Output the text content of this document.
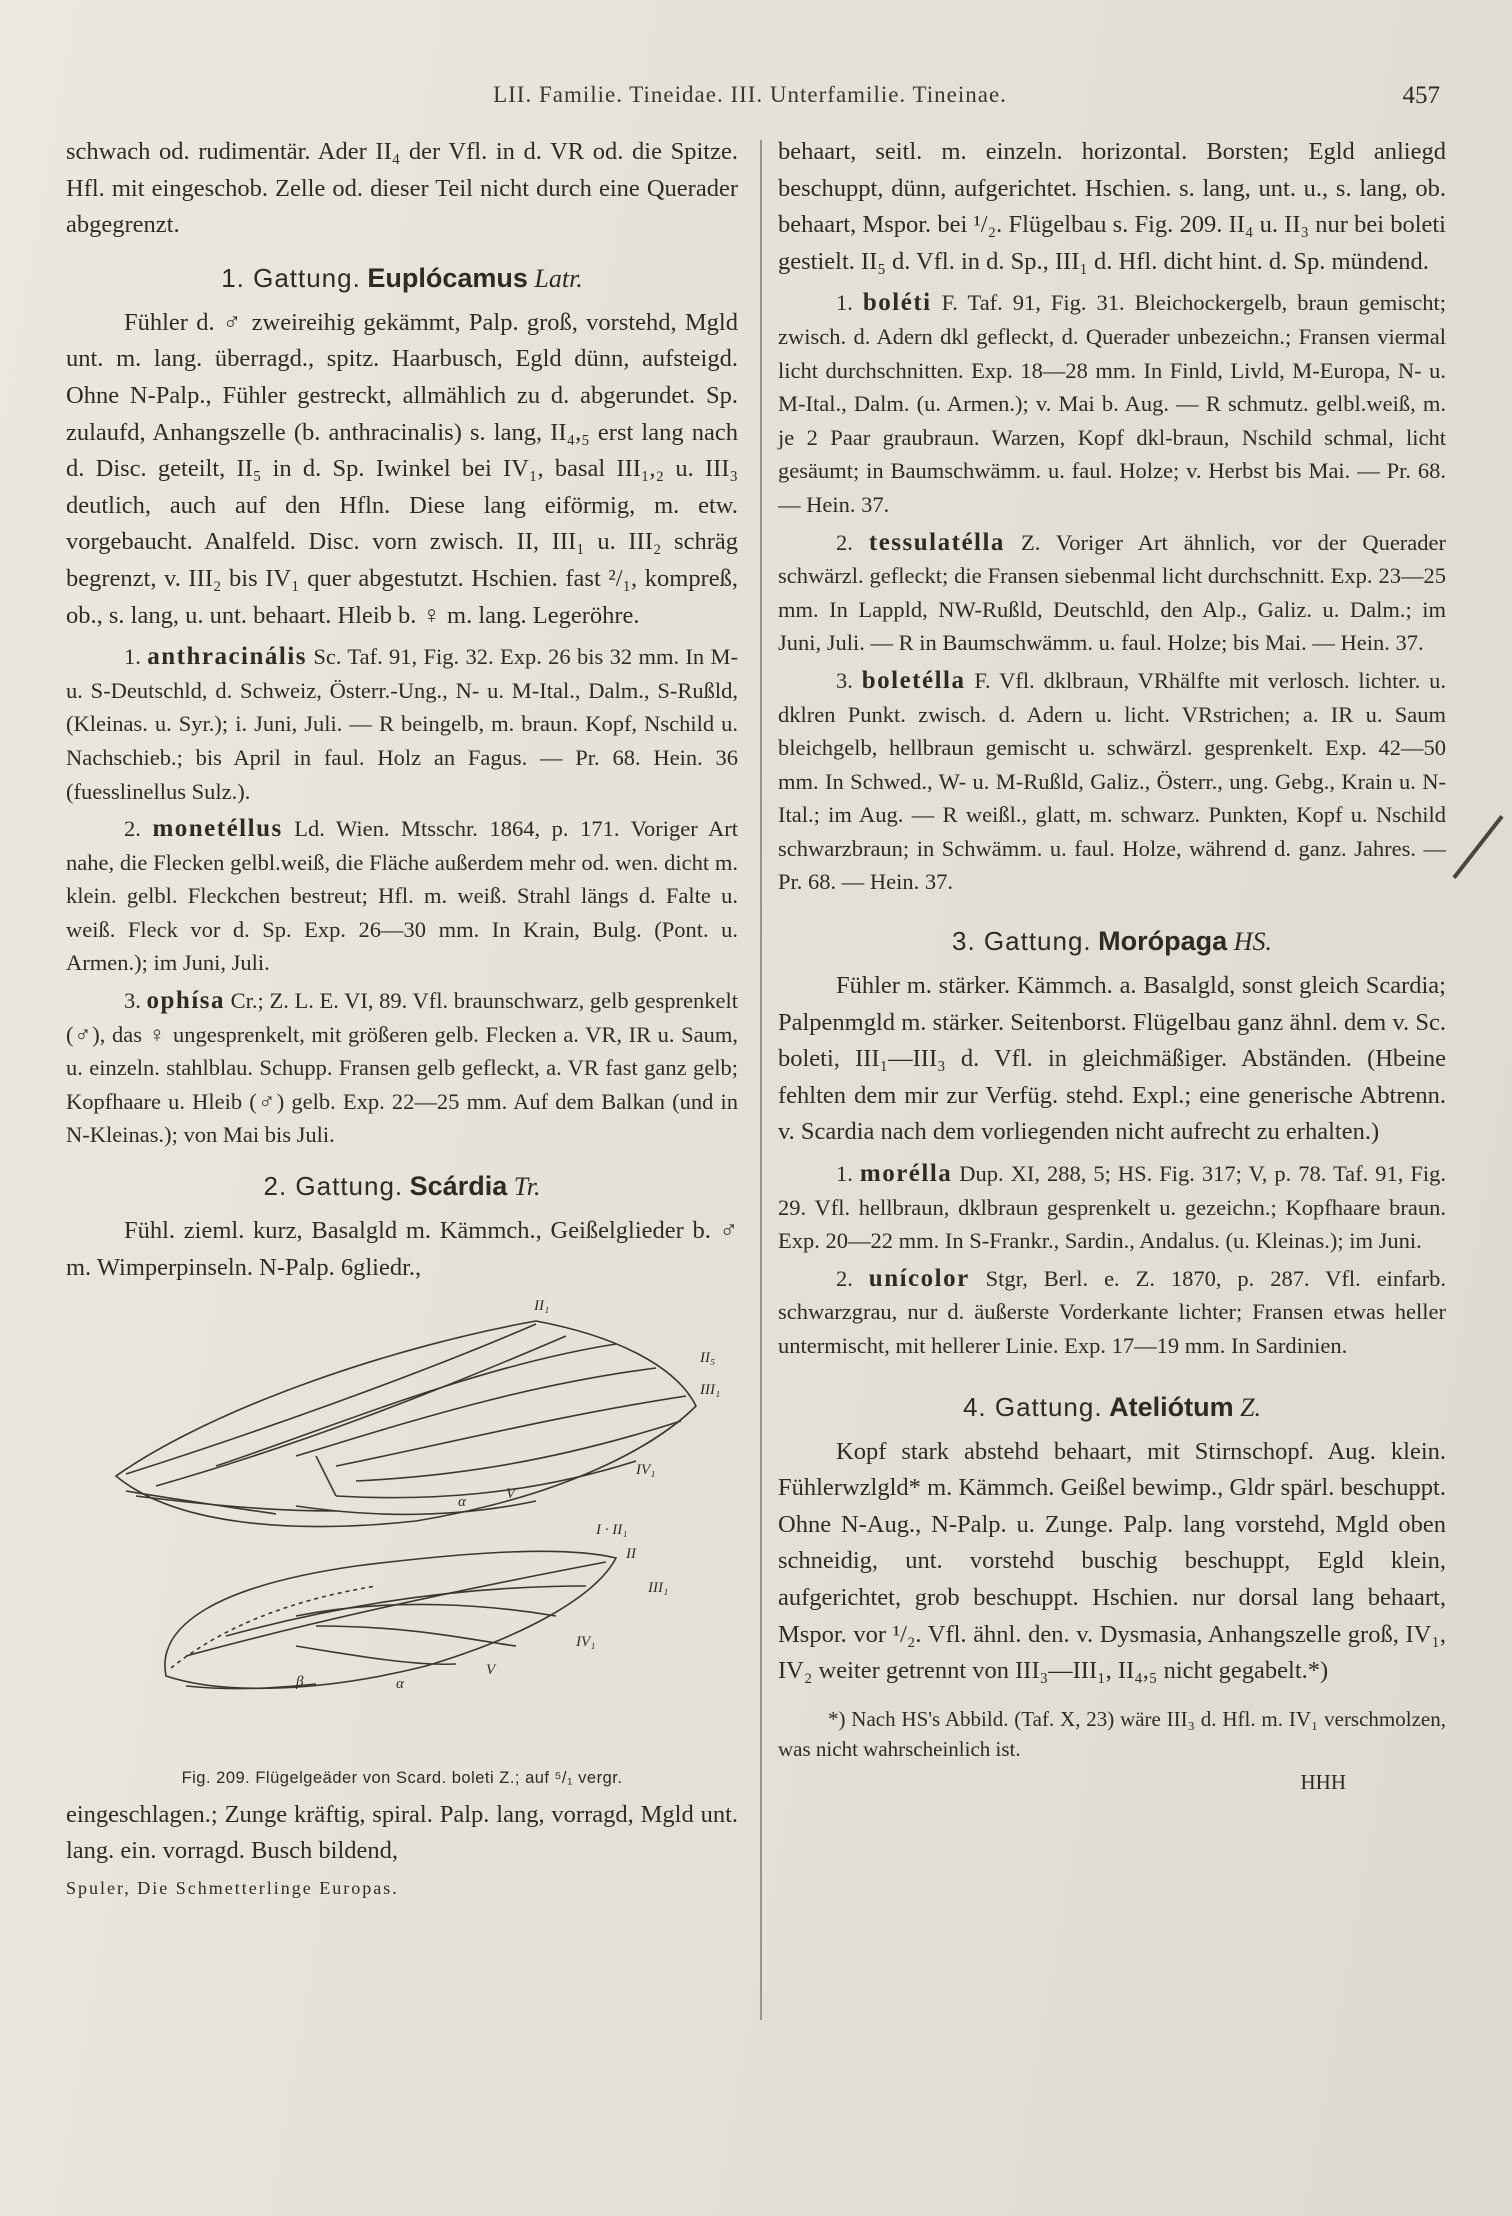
LII. Familie. Tineidae. III. Unterfamilie. Tineinae.	457

schwach od. rudimentär. Ader II₄ der Vfl. in d. VR od. die Spitze. Hfl. mit eingeschob. Zelle od. dieser Teil nicht durch eine Querader abgegrenzt.

1. Gattung. Euplócamus Latr.

Fühler d. ♂ zweireihig gekämmt, Palp. groß, vorstehd, Mgld unt. m. lang. überragd., spitz. Haarbusch, Egld dünn, aufsteigd. Ohne N-Palp., Fühler gestreckt, allmählich zu d. abgerundet. Sp. zulaufd, Anhangszelle (b. anthracinalis) s. lang, II₄,₅ erst lang nach d. Disc. geteilt, II₅ in d. Sp. Iwinkel bei IV₁, basal III₁,₂ u. III₃ deutlich, auch auf den Hfln. Diese lang eiförmig, m. etw. vorgebaucht. Analfeld. Disc. vorn zwisch. II, III₁ u. III₂ schräg begrenzt, v. III₂ bis IV₁ quer abgestutzt. Hschien. fast ²/₁, kompreß, ob., s. lang, u. unt. behaart. Hleib b. ♀ m. lang. Legeröhre.

1. anthracinális Sc. Taf. 91, Fig. 32. Exp. 26 bis 32 mm. In M- u. S-Deutschld, d. Schweiz, Österr.-Ung., N- u. M-Ital., Dalm., S-Rußld, (Kleinas. u. Syr.); i. Juni, Juli. — R beingelb, m. braun. Kopf, Nschild u. Nachschieb.; bis April in faul. Holz an Fagus. — Pr. 68. Hein. 36 (fuesslinellus Sulz.).

2. monetéllus Ld. Wien. Mtsschr. 1864, p. 171. Voriger Art nahe, die Flecken gelbl.weiß, die Fläche außerdem mehr od. wen. dicht m. klein. gelbl. Fleckchen bestreut; Hfl. m. weiß. Strahl längs d. Falte u. weiß. Fleck vor d. Sp. Exp. 26—30 mm. In Krain, Bulg. (Pont. u. Armen.); im Juni, Juli.

3. ophísa Cr.; Z. L. E. VI, 89. Vfl. braunschwarz, gelb gesprenkelt (♂), das ♀ ungesprenkelt, mit größeren gelb. Flecken a. VR, IR u. Saum, u. einzeln. stahlblau. Schupp. Fransen gelb gefleckt, a. VR fast ganz gelb; Kopfhaare u. Hleib (♂) gelb. Exp. 22—25 mm. Auf dem Balkan (und in N-Kleinas.); von Mai bis Juli.

2. Gattung. Scárdia Tr.

Fühl. zieml. kurz, Basalgld m. Kämmch., Geißelglieder b. ♂ m. Wimperpinseln. N-Palp. 6gliedr.,

II₁
II₅
III₁
IV₁
V
α
I · II₁
II
III₁
IV₁
V
α
β
Fig. 209. Flügelgeäder von Scard. boleti Z.; auf ⁵/₁ vergr.

eingeschlagen.; Zunge kräftig, spiral. Palp. lang, vorragd, Mgld unt. lang. ein. vorragd. Busch bildend,

Spuler, Die Schmetterlinge Europas.

behaart, seitl. m. einzeln. horizontal. Borsten; Egld anliegd beschuppt, dünn, aufgerichtet. Hschien. s. lang, unt. u., s. lang, ob. behaart, Mspor. bei ¹/₂. Flügelbau s. Fig. 209. II₄ u. II₃ nur bei boleti gestielt. II₅ d. Vfl. in d. Sp., III₁ d. Hfl. dicht hint. d. Sp. mündend.

1. boléti F. Taf. 91, Fig. 31. Bleichockergelb, braun gemischt; zwisch. d. Adern dkl gefleckt, d. Querader unbezeichn.; Fransen viermal licht durchschnitten. Exp. 18—28 mm. In Finld, Livld, M-Europa, N- u. M-Ital., Dalm. (u. Armen.); v. Mai b. Aug. — R schmutz. gelbl.weiß, m. je 2 Paar graubraun. Warzen, Kopf dkl-braun, Nschild schmal, licht gesäumt; in Baumschwämm. u. faul. Holze; v. Herbst bis Mai. — Pr. 68. — Hein. 37.

2. tessulatélla Z. Voriger Art ähnlich, vor der Querader schwärzl. gefleckt; die Fransen siebenmal licht durchschnitt. Exp. 23—25 mm. In Lappld, NW-Rußld, Deutschld, den Alp., Galiz. u. Dalm.; im Juni, Juli. — R in Baumschwämm. u. faul. Holze; bis Mai. — Hein. 37.

3. boletélla F. Vfl. dklbraun, VRhälfte mit verlosch. lichter. u. dklren Punkt. zwisch. d. Adern u. licht. VRstrichen; a. IR u. Saum bleichgelb, hellbraun gemischt u. schwärzl. gesprenkelt. Exp. 42—50 mm. In Schwed., W- u. M-Rußld, Galiz., Österr., ung. Gebg., Krain u. N-Ital.; im Aug. — R weißl., glatt, m. schwarz. Punkten, Kopf u. Nschild schwarzbraun; in Schwämm. u. faul. Holze, während d. ganz. Jahres. — Pr. 68. — Hein. 37.

3. Gattung. Morópaga HS.

Fühler m. stärker. Kämmch. a. Basalgld, sonst gleich Scardia; Palpenmgld m. stärker. Seitenborst. Flügelbau ganz ähnl. dem v. Sc. boleti, III₁—III₃ d. Vfl. in gleichmäßiger. Abständen. (Hbeine fehlten dem mir zur Verfüg. stehd. Expl.; eine generische Abtrenn. v. Scardia nach dem vorliegenden nicht aufrecht zu erhalten.)

1. morélla Dup. XI, 288, 5; HS. Fig. 317; V, p. 78. Taf. 91, Fig. 29. Vfl. hellbraun, dklbraun gesprenkelt u. gezeichn.; Kopfhaare braun. Exp. 20—22 mm. In S-Frankr., Sardin., Andalus. (u. Kleinas.); im Juni.

2. unícolor Stgr, Berl. e. Z. 1870, p. 287. Vfl. einfarb. schwarzgrau, nur d. äußerste Vorderkante lichter; Fransen etwas heller untermischt, mit hellerer Linie. Exp. 17—19 mm. In Sardinien.

4. Gattung. Ateliótum Z.

Kopf stark abstehd behaart, mit Stirnschopf. Aug. klein. Fühlerwzlgld* m. Kämmch. Geißel bewimp., Gldr spärl. beschuppt. Ohne N-Aug., N-Palp. u. Zunge. Palp. lang vorstehd, Mgld oben schneidig, unt. vorstehd buschig beschuppt, Egld klein, aufgerichtet, grob beschuppt. Hschien. nur dorsal lang behaart, Mspor. vor ¹/₂. Vfl. ähnl. den. v. Dysmasia, Anhangszelle groß, IV₁, IV₂ weiter getrennt von III₃—III₁, II₄,₅ nicht gegabelt.*)

*) Nach HS's Abbild. (Taf. X, 23) wäre III₃ d. Hfl. m. IV₁ verschmolzen, was nicht wahrscheinlich ist.

HHH
